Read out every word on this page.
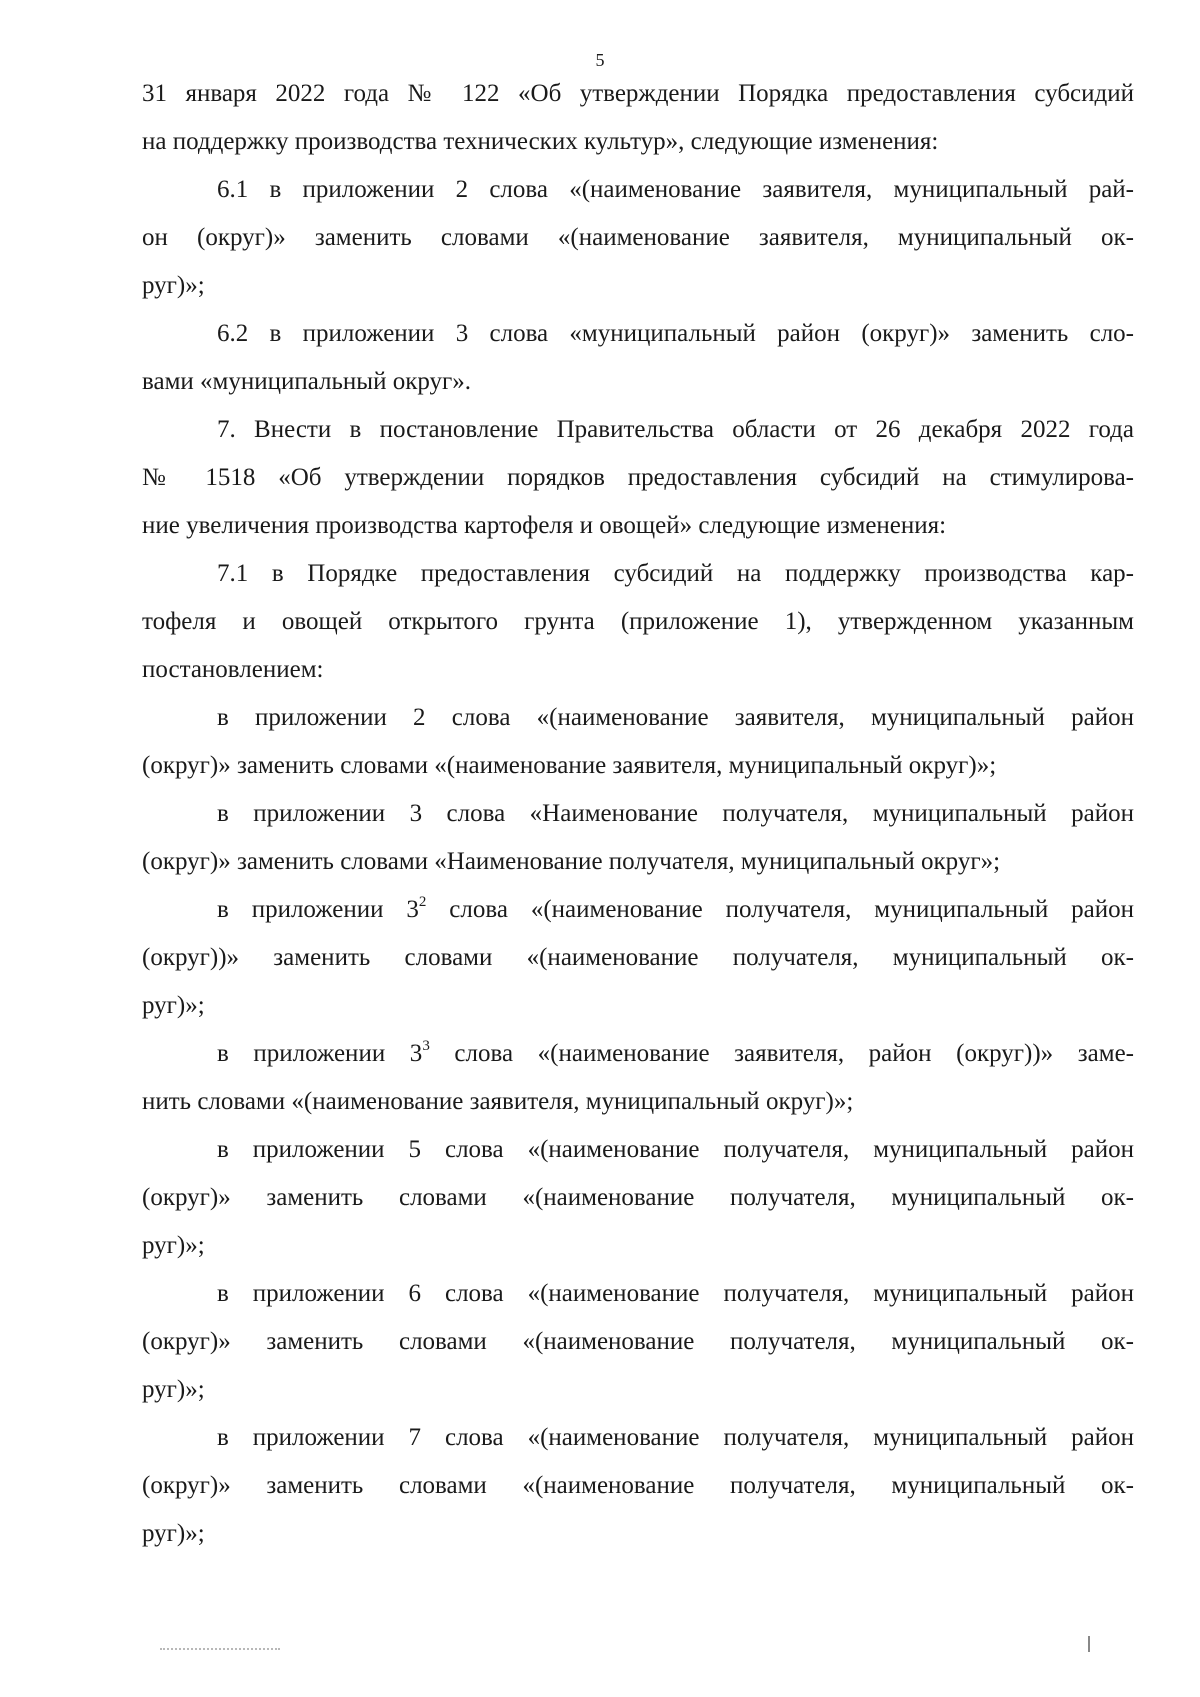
5
31 января 2022 года № 122 «Об утверждении Порядка предоставления субсидий
на поддержку производства технических культур», следующие изменения:
6.1 в приложении 2 слова «(наименование заявителя, муниципальный рай-
он (округ)» заменить словами «(наименование заявителя, муниципальный ок-
руг)»;
6.2 в приложении 3 слова «муниципальный район (округ)» заменить сло-
вами «муниципальный округ».
7. Внести в постановление Правительства области от 26 декабря 2022 года
№ 1518 «Об утверждении порядков предоставления субсидий на стимулирова-
ние увеличения производства картофеля и овощей» следующие изменения:
7.1 в Порядке предоставления субсидий на поддержку производства кар-
тофеля и овощей открытого грунта (приложение 1), утвержденном указанным
постановлением:
в приложении 2 слова «(наименование заявителя, муниципальный район
(округ)» заменить словами «(наименование заявителя, муниципальный округ)»;
в приложении 3 слова «Наименование получателя, муниципальный район
(округ)» заменить словами «Наименование получателя, муниципальный округ»;
в приложении $3^2$ слова «(наименование получателя, муниципальный район
(округ))» заменить словами «(наименование получателя, муниципальный ок-
руг)»;
в приложении $3^3$ слова «(наименование заявителя, район (округ))» заме-
нить словами «(наименование заявителя, муниципальный округ)»;
в приложении 5 слова «(наименование получателя, муниципальный район
(округ)» заменить словами «(наименование получателя, муниципальный ок-
руг)»;
в приложении 6 слова «(наименование получателя, муниципальный район
(округ)» заменить словами «(наименование получателя, муниципальный ок-
руг)»;
в приложении 7 слова «(наименование получателя, муниципальный район
(округ)» заменить словами «(наименование получателя, муниципальный ок-
руг)»;
